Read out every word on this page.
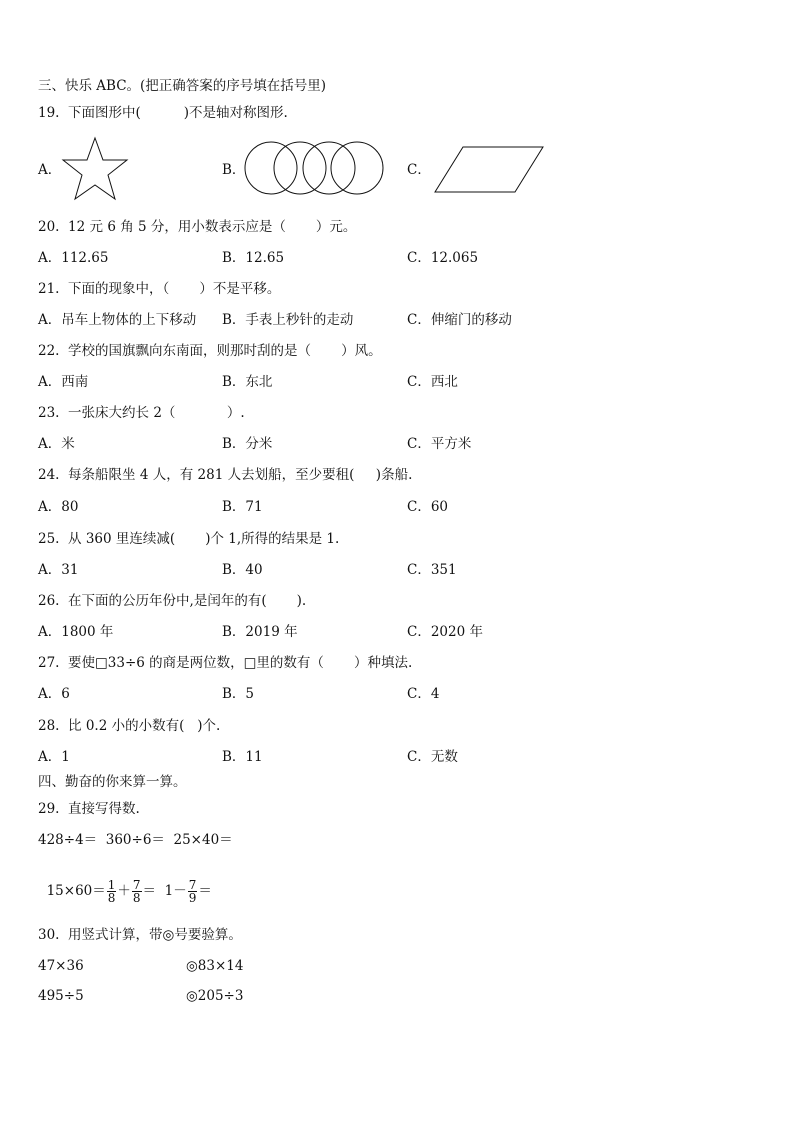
三、快乐 ABC。(把正确答案的序号填在括号里)
19.  下面图形中(          )不是轴对称图形.
A．	B．	C．
20.  12 元 6 角 5 分，用小数表示应是（       ）元。
A．112.65	B．12.65	C．12.065
21.  下面的现象中，（       ）不是平移。
A．吊车上物体的上下移动 B．手表上秒针的走动	C．伸缩门的移动
22.  学校的国旗飘向东南面，则那时刮的是（       ）风。
A．西南	B．东北	C．西北
23.  一张床大约长 2（            ）.
A．米	B．分米	C．平方米
24.  每条船限坐 4 人，有 281 人去划船，至少要租(     )条船.
A．80	B．71	C．60
25.  从 360 里连续减(       )个 1,所得的结果是 1.
A．31	B．40	C．351
26.  在下面的公历年份中,是闰年的有(       ).
A．1800 年	B．2019 年	C．2020 年
27.  要使□33÷6 的商是两位数，□里的数有（       ）种填法.
A．6	B．5	C．4
28.  比 0.2 小的小数有(   )个.
A．1	B．11	C．无数
四、勤奋的你来算一算。
29.  直接写得数.
428÷4＝  360÷6＝  25×40＝

$15\times 60= \frac{1}{8} + \frac{7}{8} = 1- \frac{7}{9}$ ＝

30.  用竖式计算，带◎号要验算。
47×36	◎83×14
495÷5	◎205÷3
